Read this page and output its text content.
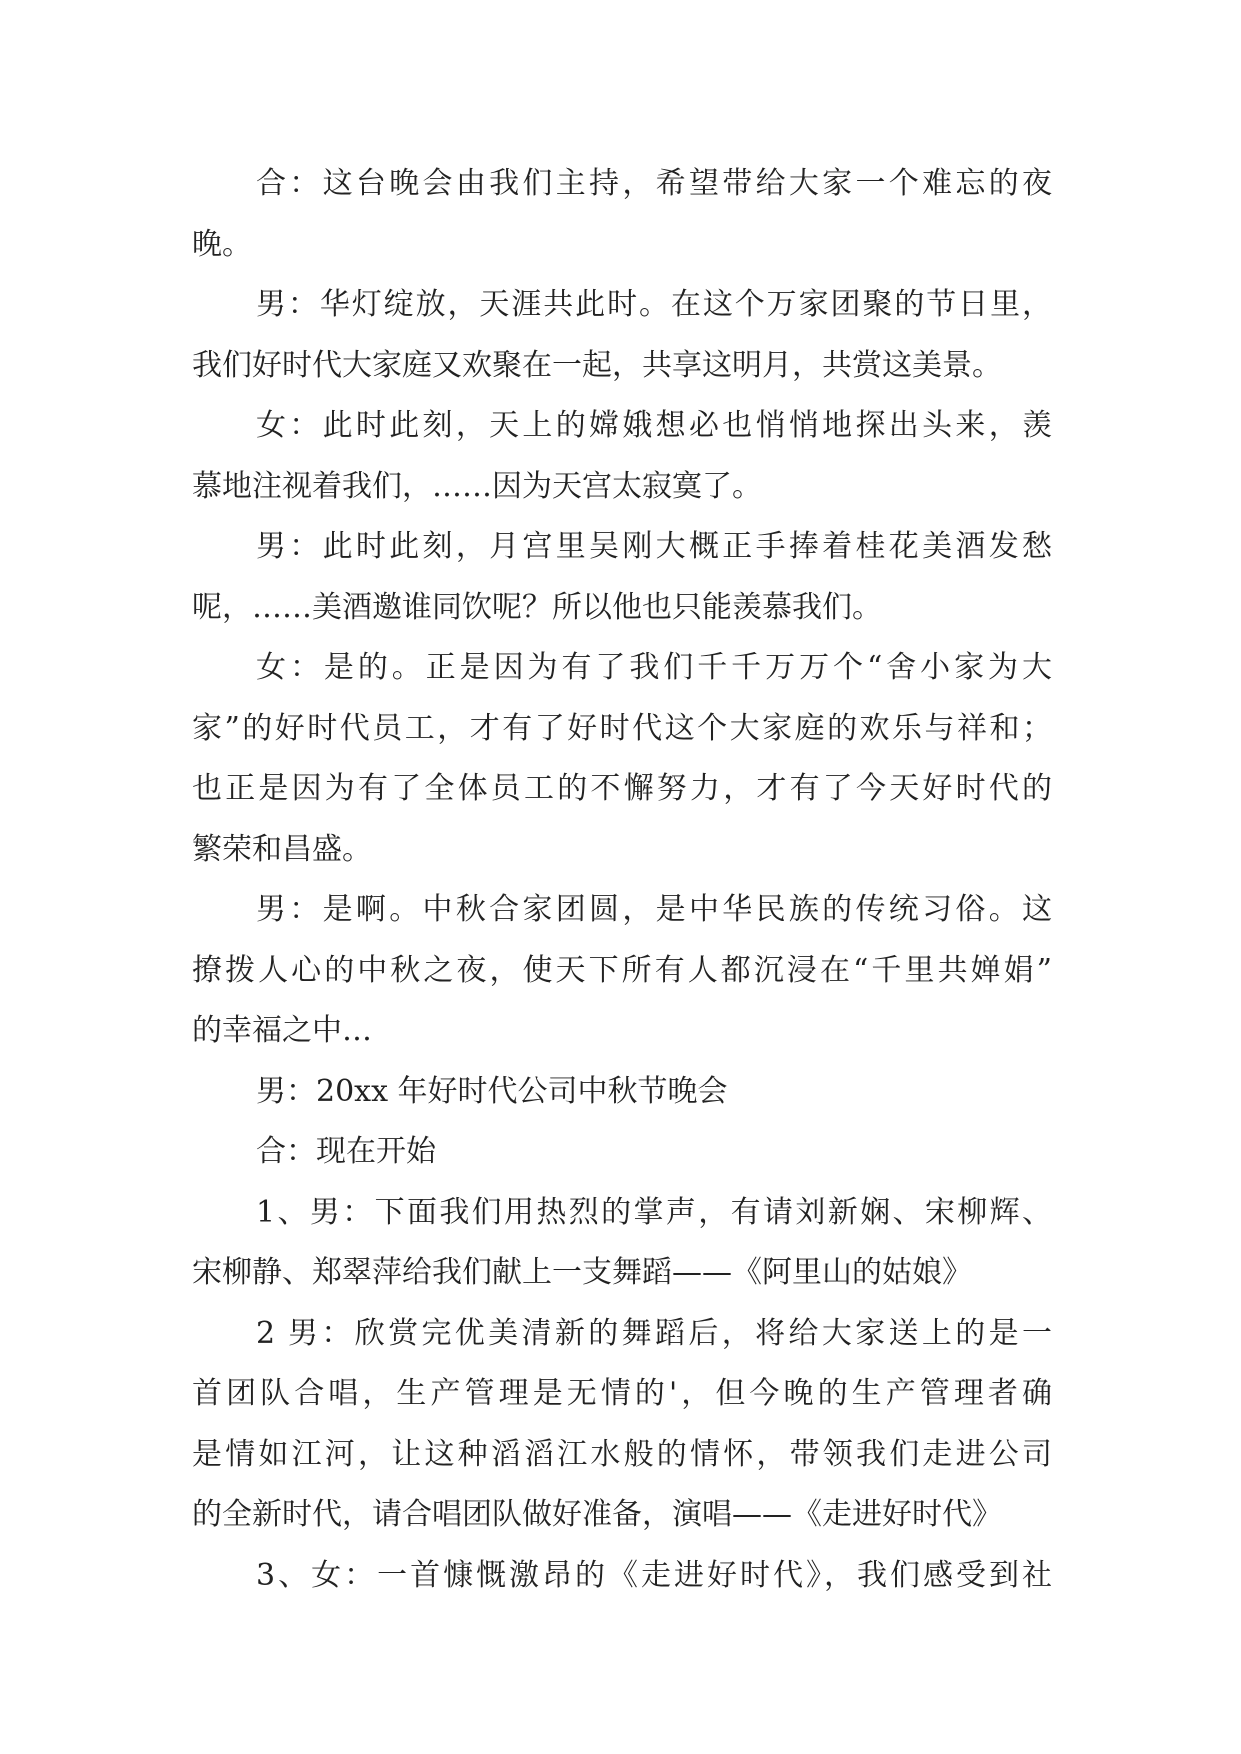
合：这台晚会由我们主持，希望带给大家一个难忘的夜
晚。
男：华灯绽放，天涯共此时。在这个万家团聚的节日里，
我们好时代大家庭又欢聚在一起，共享这明月，共赏这美景。
女：此时此刻，天上的嫦娥想必也悄悄地探出头来，羡
慕地注视着我们，……因为天宫太寂寞了。
男：此时此刻，月宫里吴刚大概正手捧着桂花美酒发愁
呢，……美酒邀谁同饮呢？所以他也只能羡慕我们。
女：是的。正是因为有了我们千千万万个“舍小家为大
家”的好时代员工，才有了好时代这个大家庭的欢乐与祥和；
也正是因为有了全体员工的不懈努力，才有了今天好时代的
繁荣和昌盛。
男：是啊。中秋合家团圆，是中华民族的传统习俗。这
撩拨人心的中秋之夜，使天下所有人都沉浸在“千里共婵娟”
的幸福之中…
男：20xx 年好时代公司中秋节晚会
合：现在开始
1、男：下面我们用热烈的掌声，有请刘新娴、宋柳辉、
宋柳静、郑翠萍给我们献上一支舞蹈——《阿里山的姑娘》
2 男：欣赏完优美清新的舞蹈后，将给大家送上的是一
首团队合唱，生产管理是无情的'，但今晚的生产管理者确
是情如江河，让这种滔滔江水般的情怀，带领我们走进公司
的全新时代，请合唱团队做好准备，演唱——《走进好时代》
3、女：一首慷慨激昂的《走进好时代》，我们感受到社
